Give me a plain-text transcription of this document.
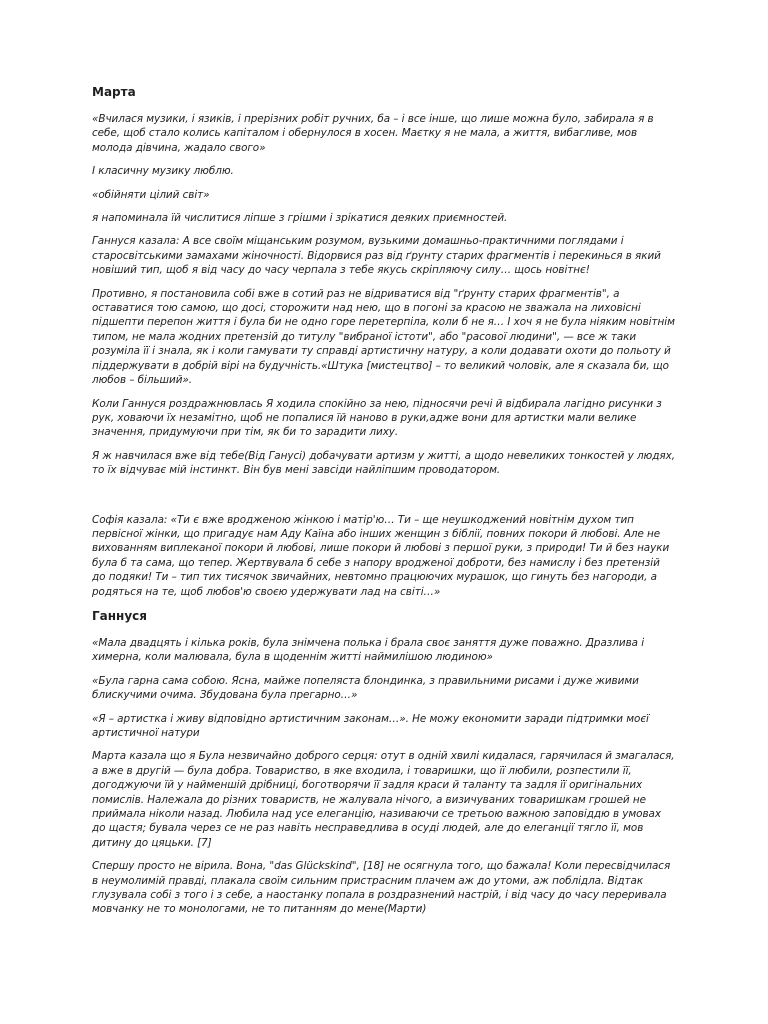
Марта
«Вчилася музики, і язиків, і прерізних робіт ручних, ба – і все інше, що лише можна було, забирала я в себе, щоб стало колись капіталом і обернулося в хосен. Маєтку я не мала, а життя, вибагливе, мов молода дівчина, жадало свого»
І класичну музику люблю.
«обійняти цілий світ»
я напоминала їй числитися ліпше з грішми і зрікатися деяких приємностей.
Ганнуся казала: А все своїм міщанським розумом, вузькими домашньо-практичними поглядами і старосвітськими замахами жіночності. Відорвися раз від ґрунту старих фрагментів і перекинься в який новіший тип, щоб я від часу до часу черпала з тебе якусь скріпляючу силу… щось новітнє!
Противно, я постановила собі вже в сотий раз не відриватися від "ґрунту старих фрагментів", а оставатися тою самою, що досі, сторожити над нею, що в погоні за красою не зважала на лиховісні підшепти перепон життя і була би не одно горе перетерпіла, коли б не я… І хоч я не була ніяким новітнім типом, не мала жодних претензій до титулу "вибраної істоти", або "расової людини", — все ж таки розуміла її і знала, як і коли гамувати ту справді артистичну натуру, а коли додавати охоти до польоту й піддержувати в добрій вірі на будучність.«Штука [мистецтво] – то великий чоловік, але я сказала би, що любов – більший».
Коли Ганнуся роздражнювлась Я ходила спокійно за нею, підносячи речі й відбирала лагідно рисунки з рук, ховаючи їх незамітно, щоб не попалися їй наново в руки,адже вони для артистки мали велике значення, придумуючи при тім, як би то зарадити лиху.
Я ж навчилася вже від тебе(Від Ганусі) добачувати артизм у житті, а щодо невеликих тонкостей у людях, то їх відчуває мій інстинкт. Він був мені завсіди найліпшим проводатором.
Софія казала: «Ти є вже вродженою жінкою і матір'ю… Ти – ще неушкоджений новітнім духом тип первісної жінки, що пригадує нам Аду Каїна або інших женщин з біблії, повних покори й любові. Але не вихованням виплеканої покори й любові, лише покори й любові з першої руки, з природи! Ти й без науки була б та сама, що тепер. Жертвувала б себе з напору вродженої доброти, без намислу і без претензій до подяки! Ти – тип тих тисячок звичайних, невтомно працюючих мурашок, що гинуть без нагороди, а родяться на те, щоб любов'ю своєю удержувати лад на світі…»
Ганнуся
«Мала двадцять і кілька років, була знімчена полька і брала своє заняття дуже поважно. Дразлива і химерна, коли малювала, була в щоденнім житті наймилішою людиною»
«Була гарна сама собою. Ясна, майже попеляста блондинка, з правильними рисами і дуже живими блискучими очима. Збудована була прегарно…»
«Я – артистка і живу відповідно артистичним законам…». Не можу економити заради підтримки моєї артистичної натури
Марта казала що я Була незвичайно доброго серця: отут в одній хвилі кидалася, гарячилася й змагалася, а вже в другій — була добра. Товариство, в яке входила, і товаришки, що її любили, розпестили її, догоджуючи їй у найменшій дрібниці, боготворячи її задля краси й таланту та задля її оригінальних помислів. Належала до різних товариств, не жалувала нічого, а визичуваних товаришкам грошей не приймала ніколи назад. Любила над усе елеганцію, називаючи се третьою важною заповіддю в умовах до щастя; бувала через се не раз навіть несправедлива в осуді людей, але до елеганції тягло її, мов дитину до цяцьки. [7]
Спершу просто не вірила. Вона, "das Glückskind", [18] не осягнула того, що бажала! Коли пересвідчилася в неумолимій правді, плакала своїм сильним пристрасним плачем аж до утоми, аж поблідла. Відтак глузувала собі з того і з себе, а наостанку попала в роздразнений настрій, і від часу до часу переривала мовчанку не то монологами, не то питанням до мене(Марти)
